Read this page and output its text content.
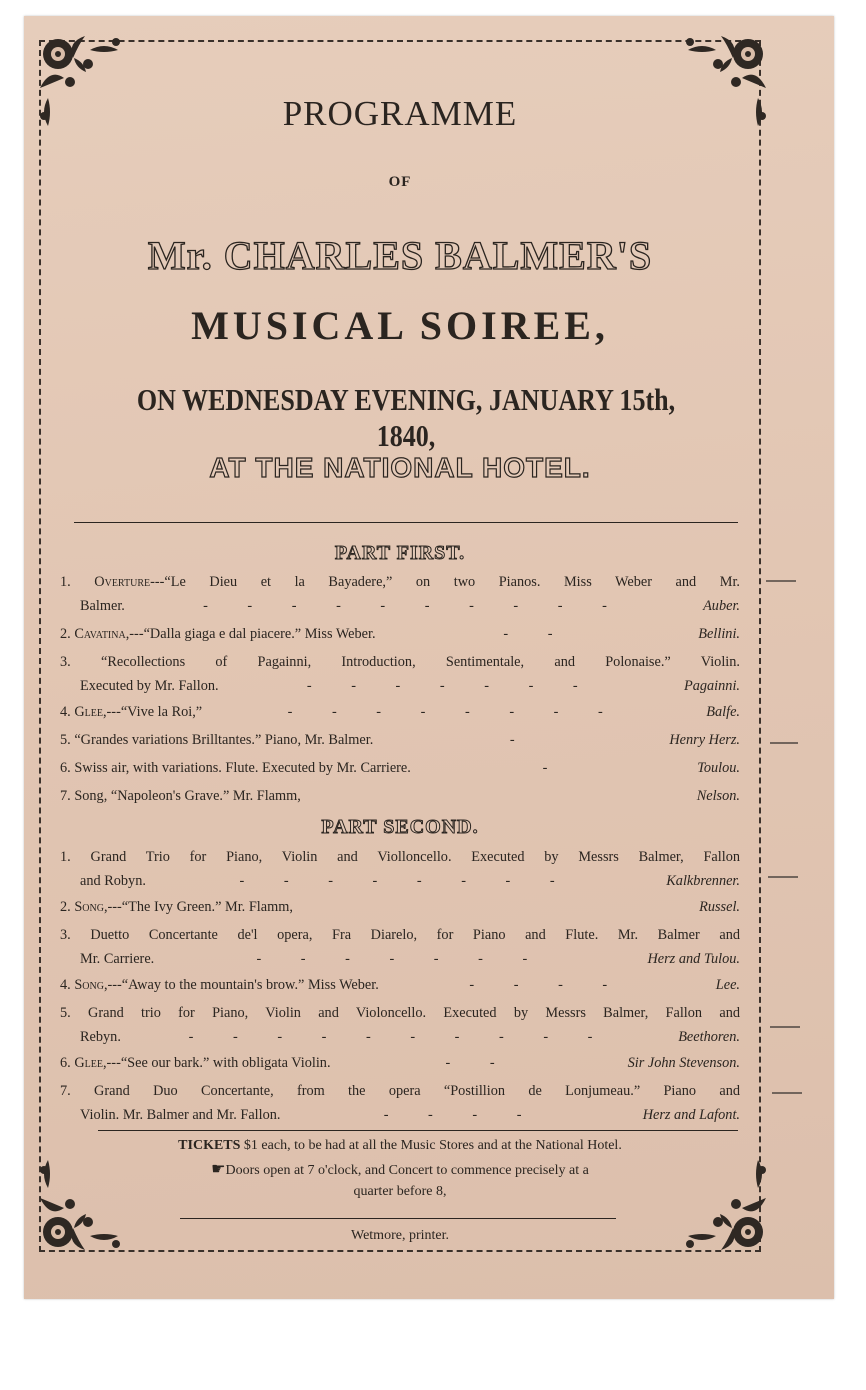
PROGRAMME
OF
Mr. CHARLES BALMER'S
MUSICAL SOIREE,
ON WEDNESDAY EVENING, JANUARY 15th, 1840,
AT THE NATIONAL HOTEL.
PART FIRST.
1. Overture---“Le Dieu et la Bayadere,” on two Pianos. Miss Weber and Mr.
Balmer.	- - - - - - - - - -	Auber.
2. Cavatina,---“Dalla giaga e dal piacere.” Miss Weber.	- -	Bellini.
3. “Recollections of Pagainni, Introduction, Sentimentale, and Polonaise.” Violin.
Executed by Mr. Fallon.	- - - - - - -	Pagainni.
4. Glee,---“Vive la Roi,”	- - - - - - - -	Balfe.
5. “Grandes variations Brilltantes.” Piano, Mr. Balmer.	-	Henry Herz.
6. Swiss air, with variations. Flute. Executed by Mr. Carriere.	-	Toulou.
7. Song, “Napoleon's Grave.” Mr. Flamm,	Nelson.
PART SECOND.
1. Grand Trio for Piano, Violin and Violloncello. Executed by Messrs Balmer, Fallon
and Robyn.	- - - - - - - -	Kalkbrenner.
2. Song,---“The Ivy Green.” Mr. Flamm,	Russel.
3. Duetto Concertante de'l opera, Fra Diarelo, for Piano and Flute. Mr. Balmer and
Mr. Carriere.	- - - - - - -	Herz and Tulou.
4. Song,---“Away to the mountain's brow.” Miss Weber.	- - - -	Lee.
5. Grand trio for Piano, Violin and Violoncello. Executed by Messrs Balmer, Fallon and
Rebyn.	- - - - - - - - - -	Beethoren.
6. Glee,---“See our bark.” with obligata Violin.	- -	Sir John Stevenson.
7. Grand Duo Concertante, from the opera “Postillion de Lonjumeau.” Piano and
Violin. Mr. Balmer and Mr. Fallon.	- - - -	Herz and Lafont.
TICKETS $1 each, to be had at all the Music Stores and at the National Hotel.
☛Doors open at 7 o'clock, and Concert to commence precisely at a
quarter before 8,
Wetmore, printer.
